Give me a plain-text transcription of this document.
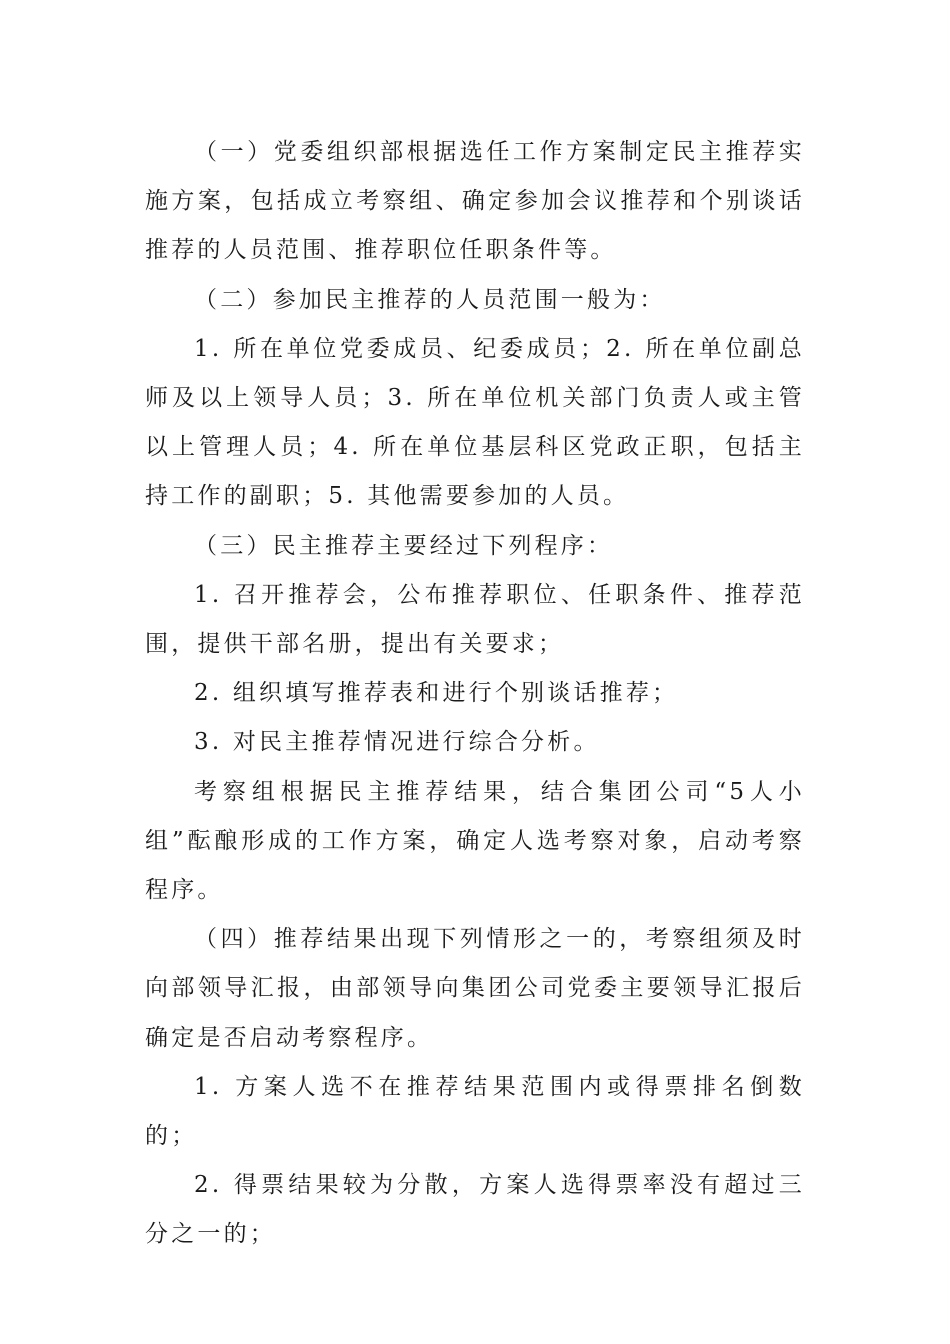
（一）党委组织部根据选任工作方案制定民主推荐实施方案，包括成立考察组、确定参加会议推荐和个别谈话推荐的人员范围、推荐职位任职条件等。

（二）参加民主推荐的人员范围一般为：

1. 所在单位党委成员、纪委成员；2. 所在单位副总师及以上领导人员；3. 所在单位机关部门负责人或主管以上管理人员；4. 所在单位基层科区党政正职，包括主持工作的副职；5. 其他需要参加的人员。

（三）民主推荐主要经过下列程序：

1. 召开推荐会，公布推荐职位、任职条件、推荐范围，提供干部名册，提出有关要求；

2. 组织填写推荐表和进行个别谈话推荐；

3. 对民主推荐情况进行综合分析。

考察组根据民主推荐结果，结合集团公司“5人小组”酝酿形成的工作方案，确定人选考察对象，启动考察程序。

（四）推荐结果出现下列情形之一的，考察组须及时向部领导汇报，由部领导向集团公司党委主要领导汇报后确定是否启动考察程序。

1. 方案人选不在推荐结果范围内或得票排名倒数的；

2. 得票结果较为分散，方案人选得票率没有超过三分之一的；
